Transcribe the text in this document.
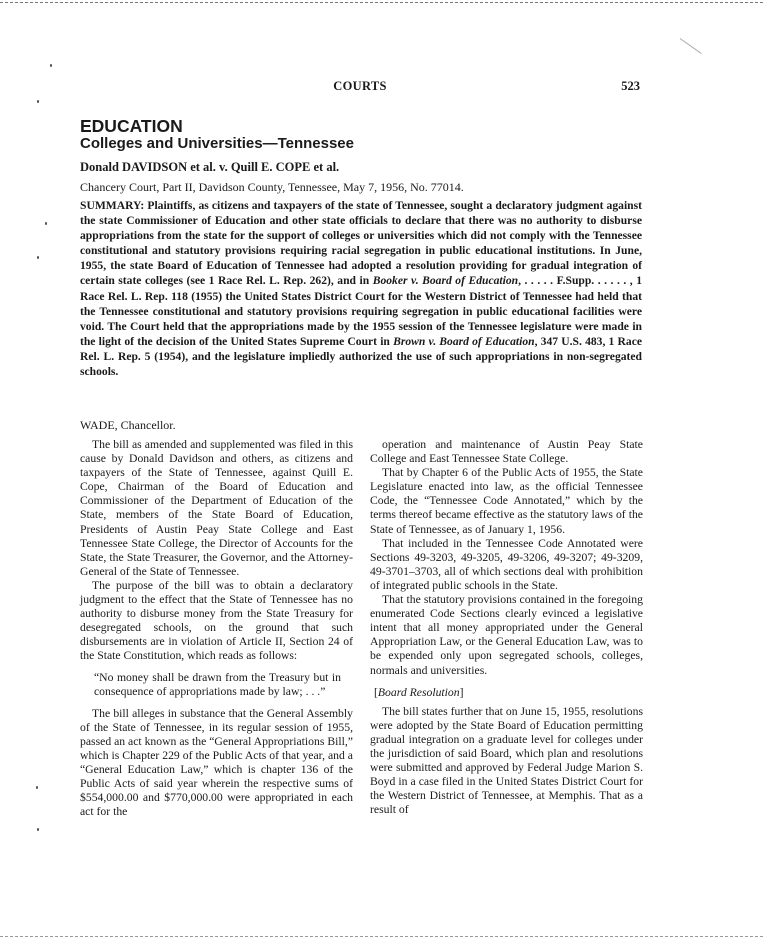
COURTS	523
EDUCATION
Colleges and Universities—Tennessee
Donald DAVIDSON et al. v. Quill E. COPE et al.
Chancery Court, Part II, Davidson County, Tennessee, May 7, 1956, No. 77014.
SUMMARY: Plaintiffs, as citizens and taxpayers of the state of Tennessee, sought a declaratory judgment against the state Commissioner of Education and other state officials to declare that there was no authority to disburse appropriations from the state for the support of colleges or universities which did not comply with the Tennessee constitutional and statutory provisions requiring racial segregation in public educational institutions. In June, 1955, the state Board of Education of Tennessee had adopted a resolution providing for gradual integration of certain state colleges (see 1 Race Rel. L. Rep. 262), and in Booker v. Board of Education, . . . . . F.Supp. . . . . . , 1 Race Rel. L. Rep. 118 (1955) the United States District Court for the Western District of Tennessee had held that the Tennessee constitutional and statutory provisions requiring segregation in public educational facilities were void. The Court held that the appropriations made by the 1955 session of the Tennessee legislature were made in the light of the decision of the United States Supreme Court in Brown v. Board of Education, 347 U.S. 483, 1 Race Rel. L. Rep. 5 (1954), and the legislature impliedly authorized the use of such appropriations in non-segregated schools.
WADE, Chancellor.

The bill as amended and supplemented was filed in this cause by Donald Davidson and others, as citizens and taxpayers of the State of Tennessee, against Quill E. Cope, Chairman of the Board of Education and Commissioner of the Department of Education of the State, members of the State Board of Education, Presidents of Austin Peay State College and East Tennessee State College, the Director of Accounts for the State, the State Treasurer, the Governor, and the Attorney-General of the State of Tennessee.

The purpose of the bill was to obtain a declaratory judgment to the effect that the State of Tennessee has no authority to disburse money from the State Treasury for desegregated schools, on the ground that such disbursements are in violation of Article II, Section 24 of the State Constitution, which reads as follows:

“No money shall be drawn from the Treasury but in consequence of appropriations made by law; . . .”

The bill alleges in substance that the General Assembly of the State of Tennessee, in its regular session of 1955, passed an act known as the “General Appropriations Bill,” which is Chapter 229 of the Public Acts of that year, and a “General Education Law,” which is chapter 136 of the Public Acts of said year wherein the respective sums of $554,000.00 and $770,000.00 were appropriated in each act for the

operation and maintenance of Austin Peay State College and East Tennessee State College.

That by Chapter 6 of the Public Acts of 1955, the State Legislature enacted into law, as the official Tennessee Code, the “Tennessee Code Annotated,” which by the terms thereof became effective as the statutory laws of the State of Tennessee, as of January 1, 1956.

That included in the Tennessee Code Annotated were Sections 49-3203, 49-3205, 49-3206, 49-3207; 49-3209, 49-3701–3703, all of which sections deal with prohibition of integrated public schools in the State.

That the statutory provisions contained in the foregoing enumerated Code Sections clearly evinced a legislative intent that all money appropriated under the General Appropriation Law, or the General Education Law, was to be expended only upon segregated schools, colleges, normals and universities.

[Board Resolution]

The bill states further that on June 15, 1955, resolutions were adopted by the State Board of Education permitting gradual integration on a graduate level for colleges under the jurisdiction of said Board, which plan and resolutions were submitted and approved by Federal Judge Marion S. Boyd in a case filed in the United States District Court for the Western District of Tennessee, at Memphis. That as a result of
